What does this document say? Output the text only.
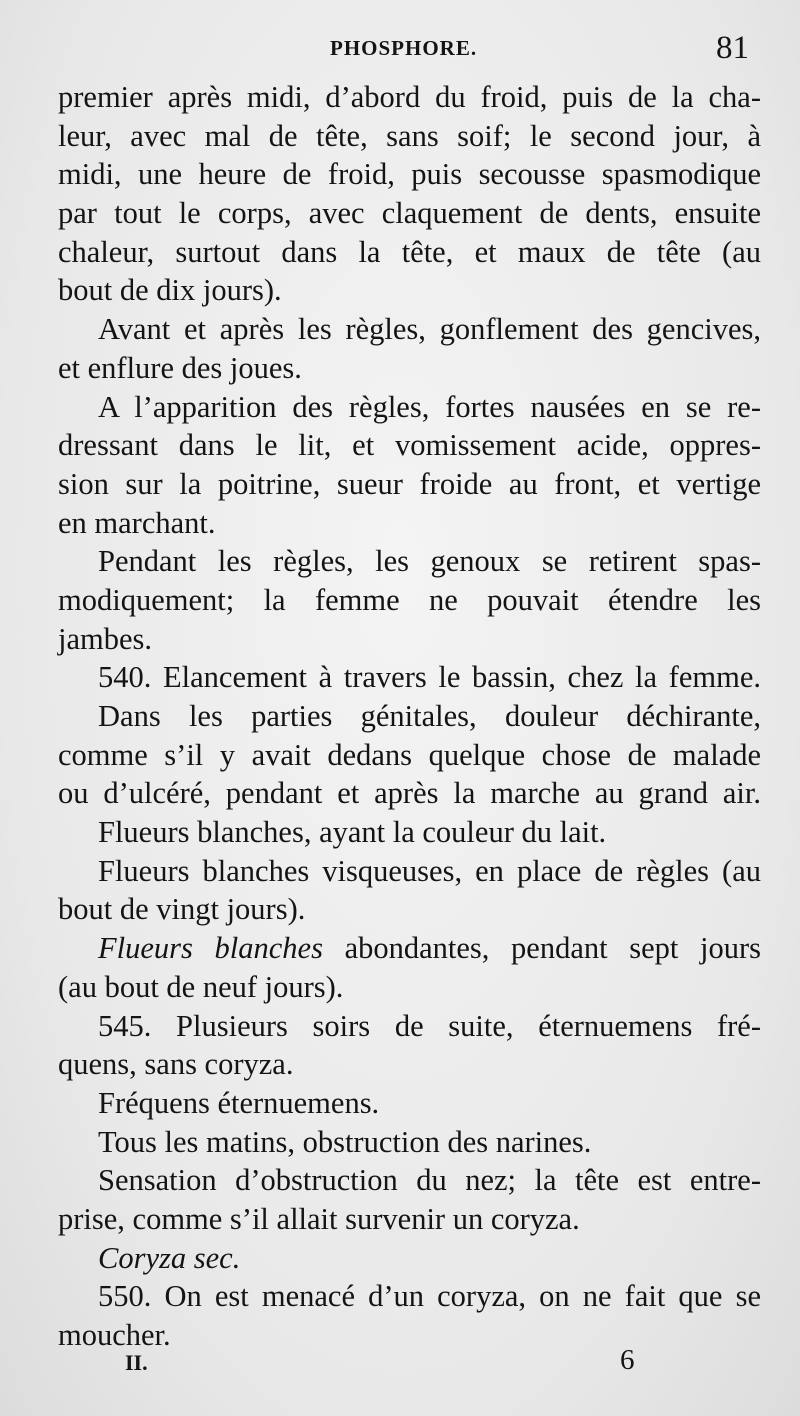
PHOSPHORE.	81
premier après midi, d’abord du froid, puis de la cha-
leur, avec mal de tête, sans soif; le second jour, à
midi, une heure de froid, puis secousse spasmodique
par tout le corps, avec claquement de dents, ensuite
chaleur, surtout dans la tête, et maux de tête (au
bout de dix jours).
Avant et après les règles, gonflement des gencives,
et enflure des joues.
A l’apparition des règles, fortes nausées en se re-
dressant dans le lit, et vomissement acide, oppres-
sion sur la poitrine, sueur froide au front, et vertige
en marchant.
Pendant les règles, les genoux se retirent spas-
modiquement; la femme ne pouvait étendre les
jambes.
540. Elancement à travers le bassin, chez la femme.
Dans les parties génitales, douleur déchirante,
comme s’il y avait dedans quelque chose de malade
ou d’ulcéré, pendant et après la marche au grand air.
Flueurs blanches, ayant la couleur du lait.
Flueurs blanches visqueuses, en place de règles (au
bout de vingt jours).
Flueurs blanches abondantes, pendant sept jours
(au bout de neuf jours).
545. Plusieurs soirs de suite, éternuemens fré-
quens, sans coryza.
Fréquens éternuemens.
Tous les matins, obstruction des narines.
Sensation d’obstruction du nez; la tête est entre-
prise, comme s’il allait survenir un coryza.
Coryza sec.
550. On est menacé d’un coryza, on ne fait que se
moucher.
II.	6
